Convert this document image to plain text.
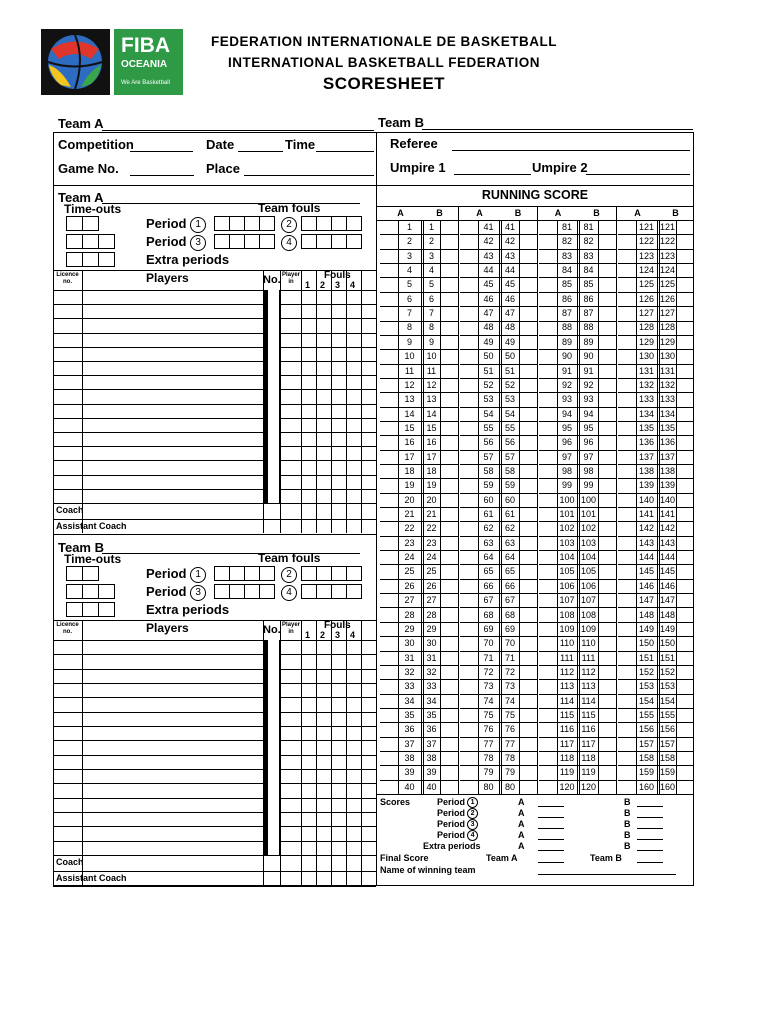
FIBA
OCEANIA
We Are Basketball
FEDERATION INTERNATIONALE DE BASKETBALL
INTERNATIONAL BASKETBALL FEDERATION
SCORESHEET
Team A	Team B
Competition	Date	Time	Referee
Game No.	Place	Umpire 1	Umpire 2
Team A
Time-outs	Team fouls
Period 1
Period 3
2
4
Extra periods
Licence no.	Players	No. Player in
Fouls
1 2 3 4
Coach
Assistant Coach
Team B
Time-outs	Team fouls
Period 1
Period 3
2
4
Extra periods
Licence no.	Players	No. Player in
Fouls
1 2 3 4
Coach
Assistant Coach
RUNNING SCORE
A	B
1	1
2	2
3	3
4	4
5	5
6	6
7	7
8	8
9	9
10	10
11	11
12	12
13	13
14	14
15	15
16	16
17	17
18	18
19	19
20	20
21	21
22	22
23	23
24	24
25	25
26	26
27	27
28	28
29	29
30	30
31	31
32	32
33	33
34	34
35	35
36	36
37	37
38	38
39	39
40	40
A	B
41	41
42	42
43	43
44	44
45	45
46	46
47	47
48	48
49	49
50	50
51	51
52	52
53	53
54	54
55	55
56	56
57	57
58	58
59	59
60	60
61	61
62	62
63	63
64	64
65	65
66	66
67	67
68	68
69	69
70	70
71	71
72	72
73	73
74	74
75	75
76	76
77	77
78	78
79	79
80	80
A	B
81	81
82	82
83	83
84	84
85	85
86	86
87	87
88	88
89	89
90	90
91	91
92	92
93	93
94	94
95	95
96	96
97	97
98	98
99	99
100 100
101 101
102 102
103 103
104 104
105 105
106 106
107 107
108 108
109 109
110 110
111 111
112 112
113 113
114 114
115 115
116 116
117 117
118 118
119 119
120 120
A	B
121 121
122 122
123 123
124 124
125 125
126 126
127 127
128 128
129 129
130 130
131 131
132 132
133 133
134 134
135 135
136 136
137 137
138 138
139 139
140 140
141 141
142 142
143 143
144 144
145 145
146 146
147 147
148 148
149 149
150 150
151 151
152 152
153 153
154 154
155 155
156 156
157 157
158 158
159 159
160 160
Scores	Period 1	A	B
Period 2	A	B
Period 3	A	B
Period 4	A	B
Extra periods	A	B
Final Score	Team A	Team B
Name of winning team
